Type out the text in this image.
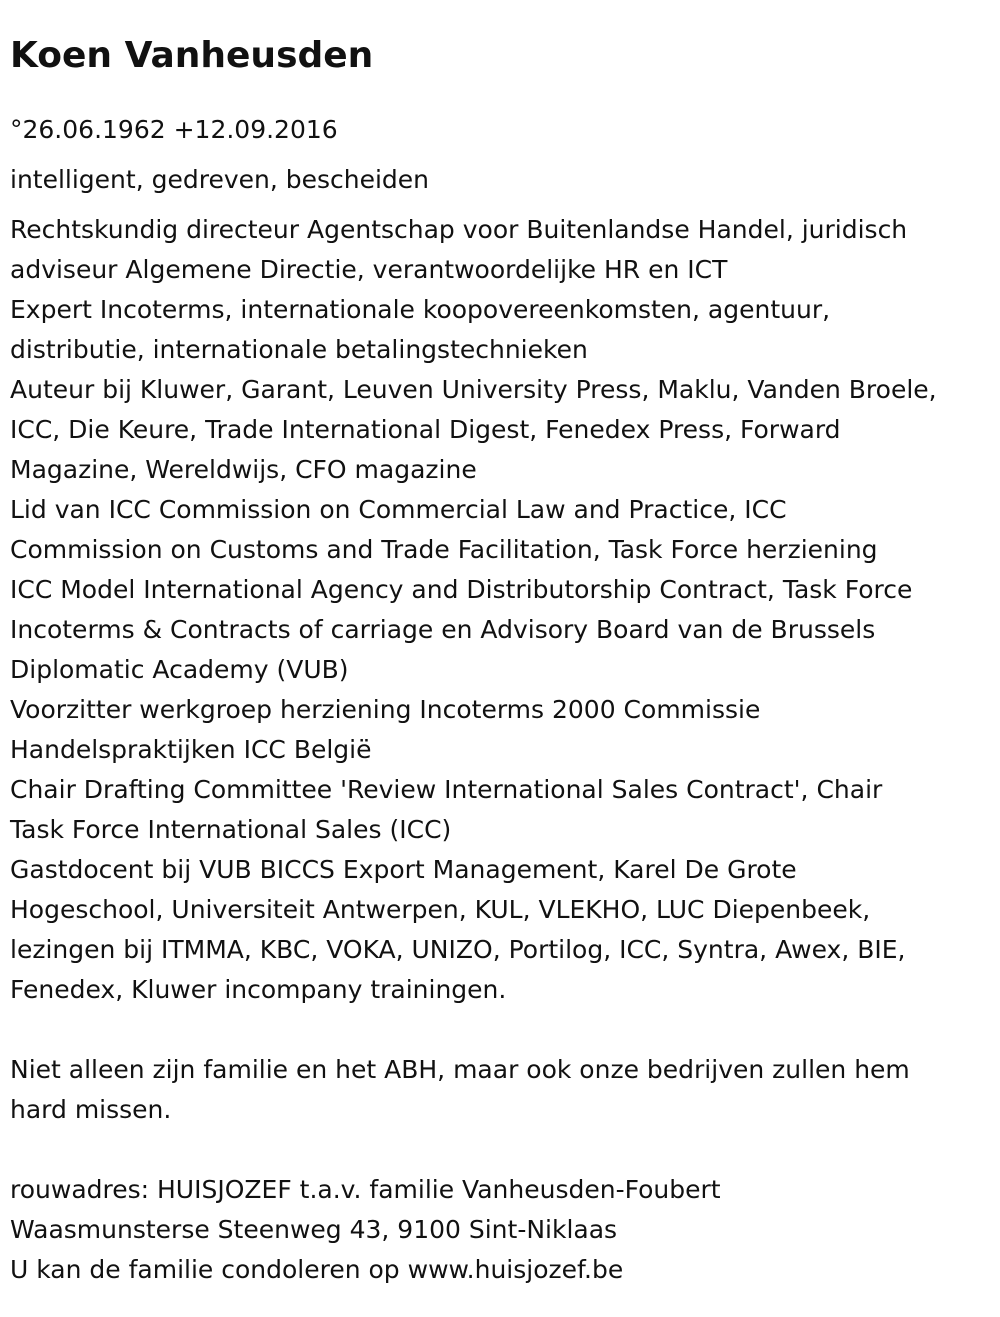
Koen Vanheusden

°26.06.1962 +12.09.2016

intelligent, gedreven, bescheiden

Rechtskundig directeur Agentschap voor Buitenlandse Handel, juridisch

adviseur Algemene Directie, verantwoordelijke HR en ICT

Expert Incoterms, internationale koopovereenkomsten, agentuur,

distributie, internationale betalingstechnieken

Auteur bij Kluwer, Garant, Leuven University Press, Maklu, Vanden Broele,

ICC, Die Keure, Trade International Digest, Fenedex Press, Forward

Magazine, Wereldwijs, CFO magazine

Lid van ICC Commission on Commercial Law and Practice, ICC

Commission on Customs and Trade Facilitation, Task Force herziening

ICC Model International Agency and Distributorship Contract, Task Force

Incoterms & Contracts of carriage en Advisory Board van de Brussels

Diplomatic Academy (VUB)

Voorzitter werkgroep herziening Incoterms 2000 Commissie

Handelspraktijken ICC België

Chair Drafting Committee 'Review International Sales Contract', Chair

Task Force International Sales (ICC)

Gastdocent bij VUB BICCS Export Management, Karel De Grote

Hogeschool, Universiteit Antwerpen, KUL, VLEKHO, LUC Diepenbeek,

lezingen bij ITMMA, KBC, VOKA, UNIZO, Portilog, ICC, Syntra, Awex, BIE,

Fenedex, Kluwer incompany trainingen.

Niet alleen zijn familie en het ABH, maar ook onze bedrijven zullen hem

hard missen.

rouwadres: HUISJOZEF t.a.v. familie Vanheusden-Foubert

Waasmunsterse Steenweg 43, 9100 Sint-Niklaas

U kan de familie condoleren op www.huisjozef.be
